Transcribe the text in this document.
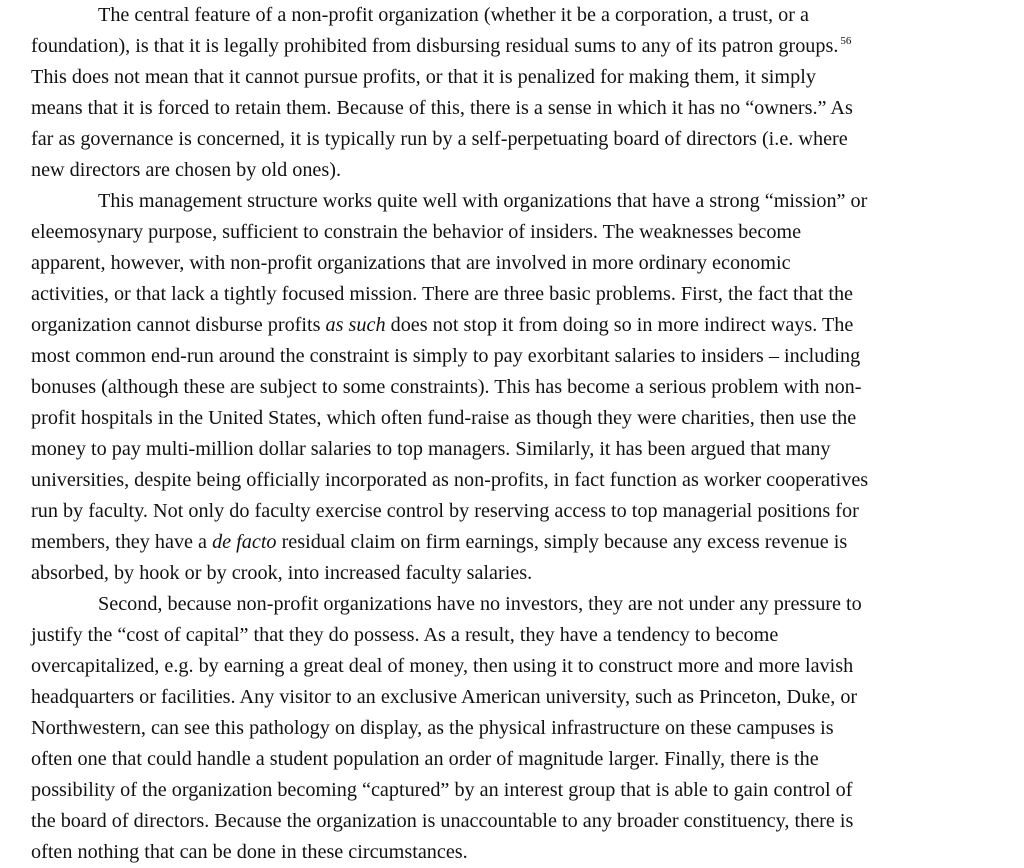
The central feature of a non-profit organization (whether it be a corporation, a trust, or a
foundation), is that it is legally prohibited from disbursing residual sums to any of its patron groups. $^{56}$
This does not mean that it cannot pursue profits, or that it is penalized for making them, it simply
means that it is forced to retain them. Because of this, there is a sense in which it has no “owners.” As
far as governance is concerned, it is typically run by a self-perpetuating board of directors (i.e. where
new directors are chosen by old ones).
This management structure works quite well with organizations that have a strong “mission” or
eleemosynary purpose, sufficient to constrain the behavior of insiders. The weaknesses become
apparent, however, with non-profit organizations that are involved in more ordinary economic
activities, or that lack a tightly focused mission. There are three basic problems. First, the fact that the
organization cannot disburse profits as such does not stop it from doing so in more indirect ways. The
most common end-run around the constraint is simply to pay exorbitant salaries to insiders – including
bonuses (although these are subject to some constraints). This has become a serious problem with non-
profit hospitals in the United States, which often fund-raise as though they were charities, then use the
money to pay multi-million dollar salaries to top managers. Similarly, it has been argued that many
universities, despite being officially incorporated as non-profits, in fact function as worker cooperatives
run by faculty. Not only do faculty exercise control by reserving access to top managerial positions for
members, they have a de facto residual claim on firm earnings, simply because any excess revenue is
absorbed, by hook or by crook, into increased faculty salaries.
Second, because non-profit organizations have no investors, they are not under any pressure to
justify the “cost of capital” that they do possess. As a result, they have a tendency to become
overcapitalized, e.g. by earning a great deal of money, then using it to construct more and more lavish
headquarters or facilities. Any visitor to an exclusive American university, such as Princeton, Duke, or
Northwestern, can see this pathology on display, as the physical infrastructure on these campuses is
often one that could handle a student population an order of magnitude larger. Finally, there is the
possibility of the organization becoming “captured” by an interest group that is able to gain control of
the board of directors. Because the organization is unaccountable to any broader constituency, there is
often nothing that can be done in these circumstances.
